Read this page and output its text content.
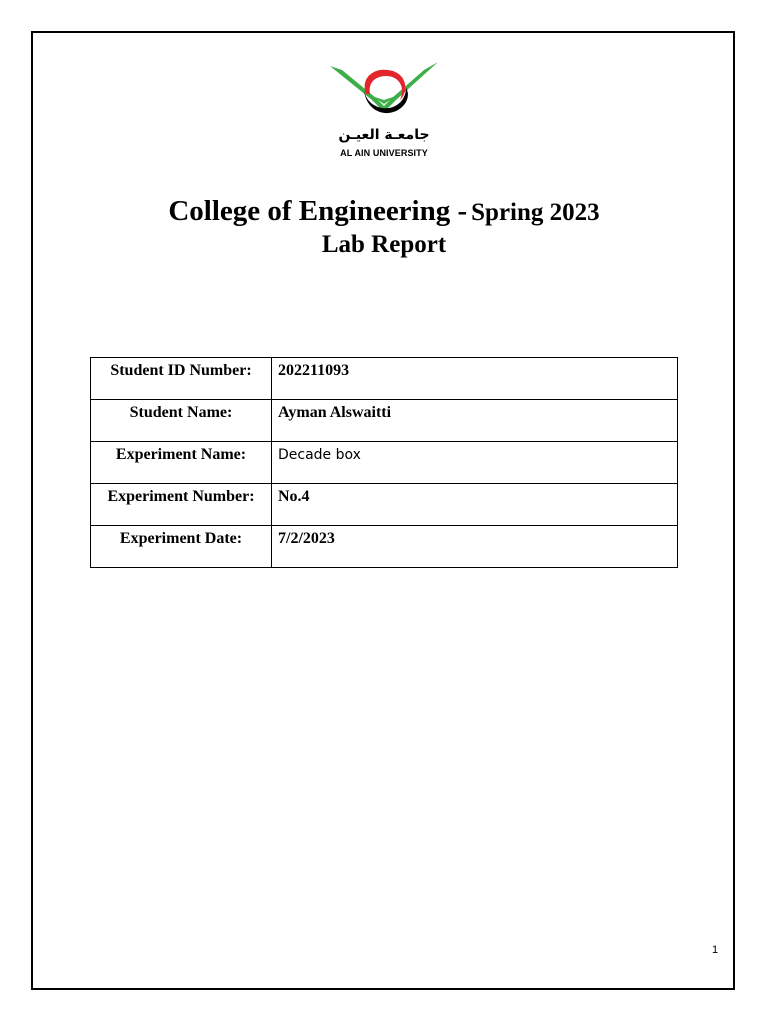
جامعـة العيـن
AL AIN UNIVERSITY
College of Engineering - Spring 2023
Lab Report
Student ID Number:	202211093
Student Name:	Ayman Alswaitti
Experiment Name:	Decade box
Experiment Number:	No.4
Experiment Date:	7/2/2023
1
